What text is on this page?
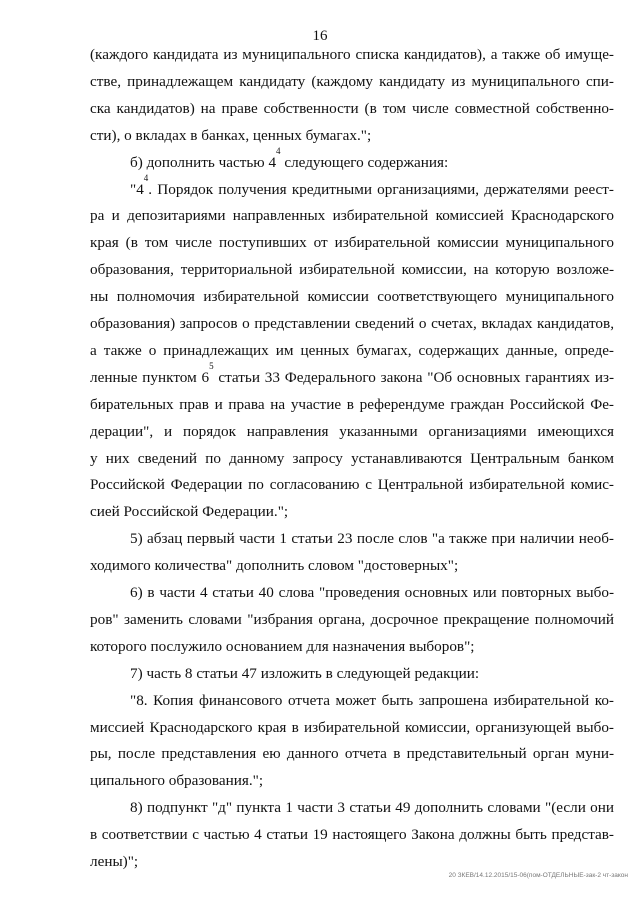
16
(каждого кандидата из муниципального списка кандидатов), а также об имуще-
стве, принадлежащем кандидату (каждому кандидату из муниципального спи-
ска кандидатов) на праве собственности (в том числе совместной собственно-
сти), о вкладах в банках, ценных бумагах.";
б) дополнить частью $4^4$ следующего содержания:
"$4^4$. Порядок получения кредитными организациями, держателями реест-
ра и депозитариями направленных избирательной комиссией Краснодарского
края (в том числе поступивших от избирательной комиссии муниципального
образования, территориальной избирательной комиссии, на которую возложе-
ны полномочия избирательной комиссии соответствующего муниципального
образования) запросов о представлении сведений о счетах, вкладах кандидатов,
а также о принадлежащих им ценных бумагах, содержащих данные, опреде-
ленные пунктом $6^5$ статьи 33 Федерального закона "Об основных гарантиях из-
бирательных прав и права на участие в референдуме граждан Российской Фе-
дерации", и порядок направления указанными организациями имеющихся
у них сведений по данному запросу устанавливаются Центральным банком
Российской Федерации по согласованию с Центральной избирательной комис-
сией Российской Федерации.";
5) абзац первый части 1 статьи 23 после слов "а также при наличии необ-
ходимого количества" дополнить словом "достоверных";
6) в части 4 статьи 40 слова "проведения основных или повторных выбо-
ров" заменить словами "избрания органа, досрочное прекращение полномочий
которого послужило основанием для назначения выборов";
7) часть 8 статьи 47 изложить в следующей редакции:
"8. Копия финансового отчета может быть запрошена избирательной ко-
миссией Краснодарского края в избирательной комиссии, организующей выбо-
ры, после представления ею данного отчета в представительный орган муни-
ципального образования.";
8) подпункт "д" пункта 1 части 3 статьи 49 дополнить словами "(если они
в соответствии с частью 4 статьи 19 настоящего Закона должны быть представ-
лены)";
20 ЗКЕВ/14.12.2015/15-06(пом-ОТДЕЛЬНЫЕ-зак-2 чт-закон
